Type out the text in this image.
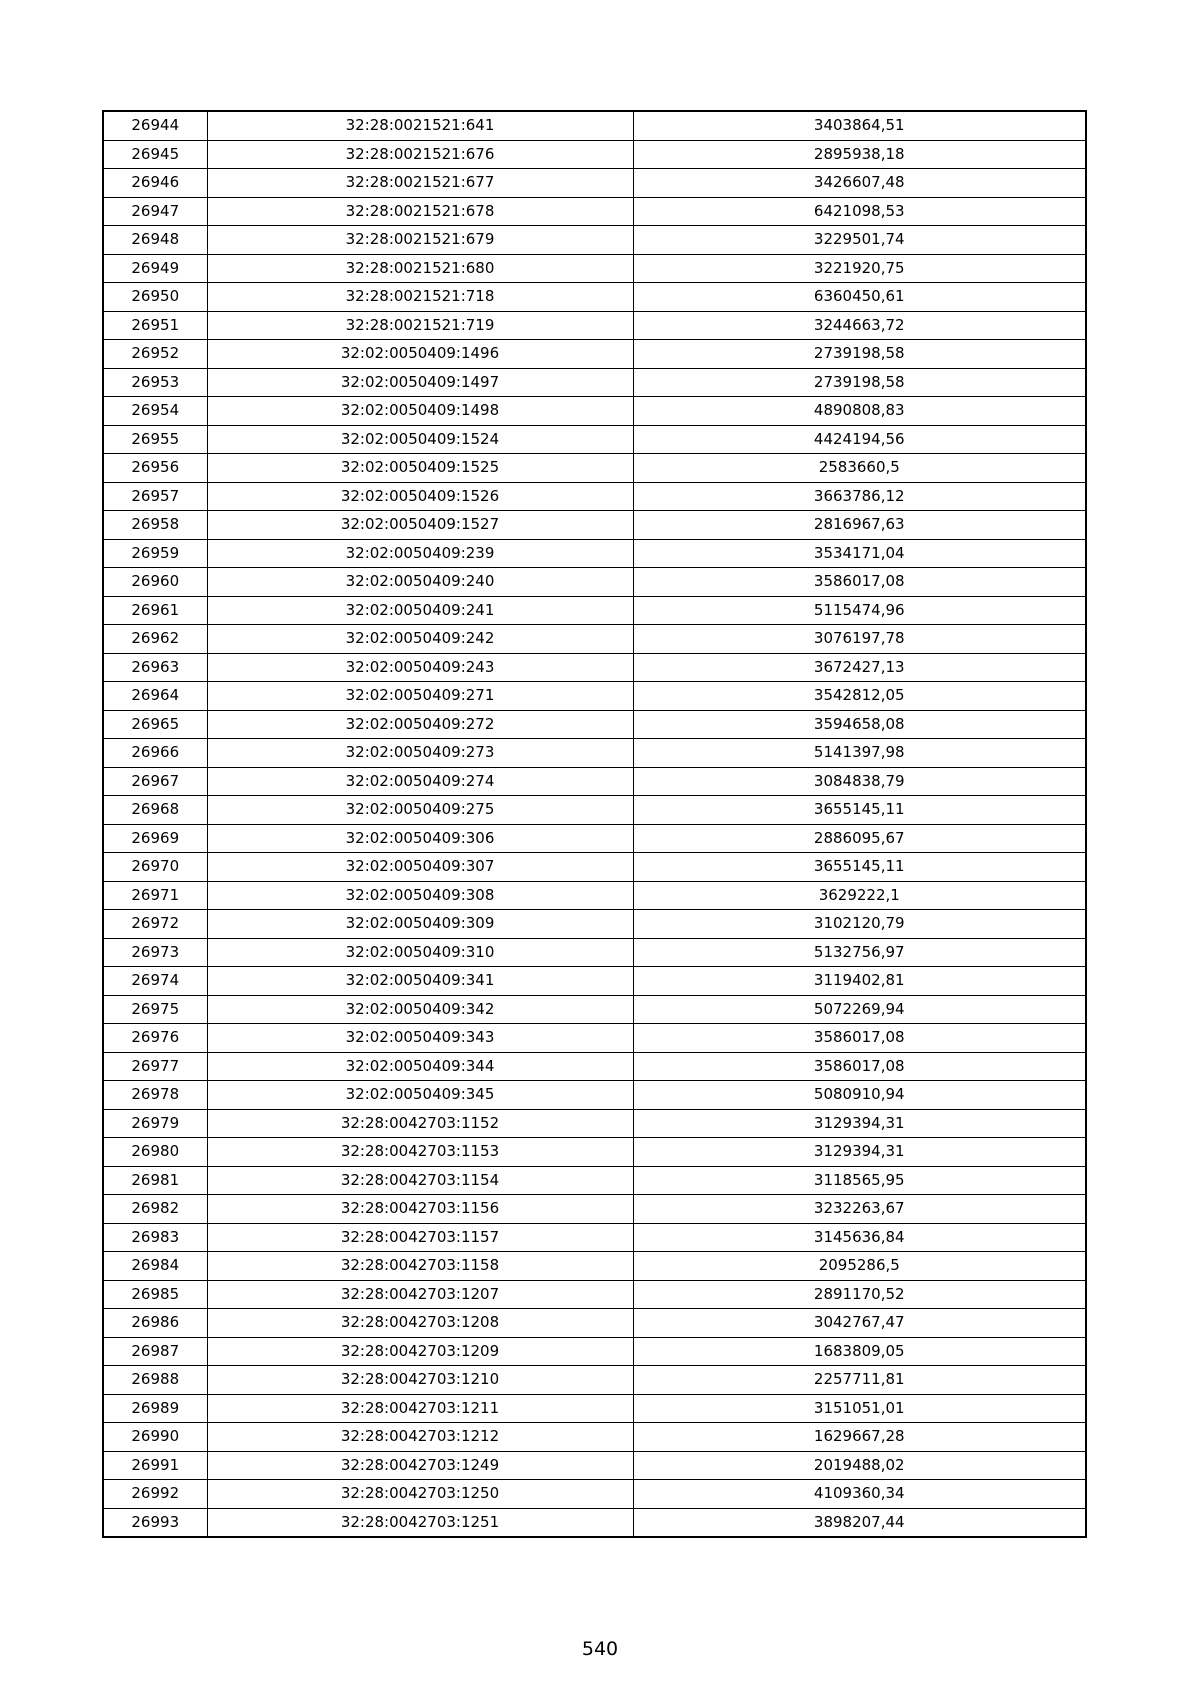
26944	32:28:0021521:641	3403864,51
26945	32:28:0021521:676	2895938,18
26946	32:28:0021521:677	3426607,48
26947	32:28:0021521:678	6421098,53
26948	32:28:0021521:679	3229501,74
26949	32:28:0021521:680	3221920,75
26950	32:28:0021521:718	6360450,61
26951	32:28:0021521:719	3244663,72
26952	32:02:0050409:1496	2739198,58
26953	32:02:0050409:1497	2739198,58
26954	32:02:0050409:1498	4890808,83
26955	32:02:0050409:1524	4424194,56
26956	32:02:0050409:1525	2583660,5
26957	32:02:0050409:1526	3663786,12
26958	32:02:0050409:1527	2816967,63
26959	32:02:0050409:239	3534171,04
26960	32:02:0050409:240	3586017,08
26961	32:02:0050409:241	5115474,96
26962	32:02:0050409:242	3076197,78
26963	32:02:0050409:243	3672427,13
26964	32:02:0050409:271	3542812,05
26965	32:02:0050409:272	3594658,08
26966	32:02:0050409:273	5141397,98
26967	32:02:0050409:274	3084838,79
26968	32:02:0050409:275	3655145,11
26969	32:02:0050409:306	2886095,67
26970	32:02:0050409:307	3655145,11
26971	32:02:0050409:308	3629222,1
26972	32:02:0050409:309	3102120,79
26973	32:02:0050409:310	5132756,97
26974	32:02:0050409:341	3119402,81
26975	32:02:0050409:342	5072269,94
26976	32:02:0050409:343	3586017,08
26977	32:02:0050409:344	3586017,08
26978	32:02:0050409:345	5080910,94
26979	32:28:0042703:1152	3129394,31
26980	32:28:0042703:1153	3129394,31
26981	32:28:0042703:1154	3118565,95
26982	32:28:0042703:1156	3232263,67
26983	32:28:0042703:1157	3145636,84
26984	32:28:0042703:1158	2095286,5
26985	32:28:0042703:1207	2891170,52
26986	32:28:0042703:1208	3042767,47
26987	32:28:0042703:1209	1683809,05
26988	32:28:0042703:1210	2257711,81
26989	32:28:0042703:1211	3151051,01
26990	32:28:0042703:1212	1629667,28
26991	32:28:0042703:1249	2019488,02
26992	32:28:0042703:1250	4109360,34
26993	32:28:0042703:1251	3898207,44
540
